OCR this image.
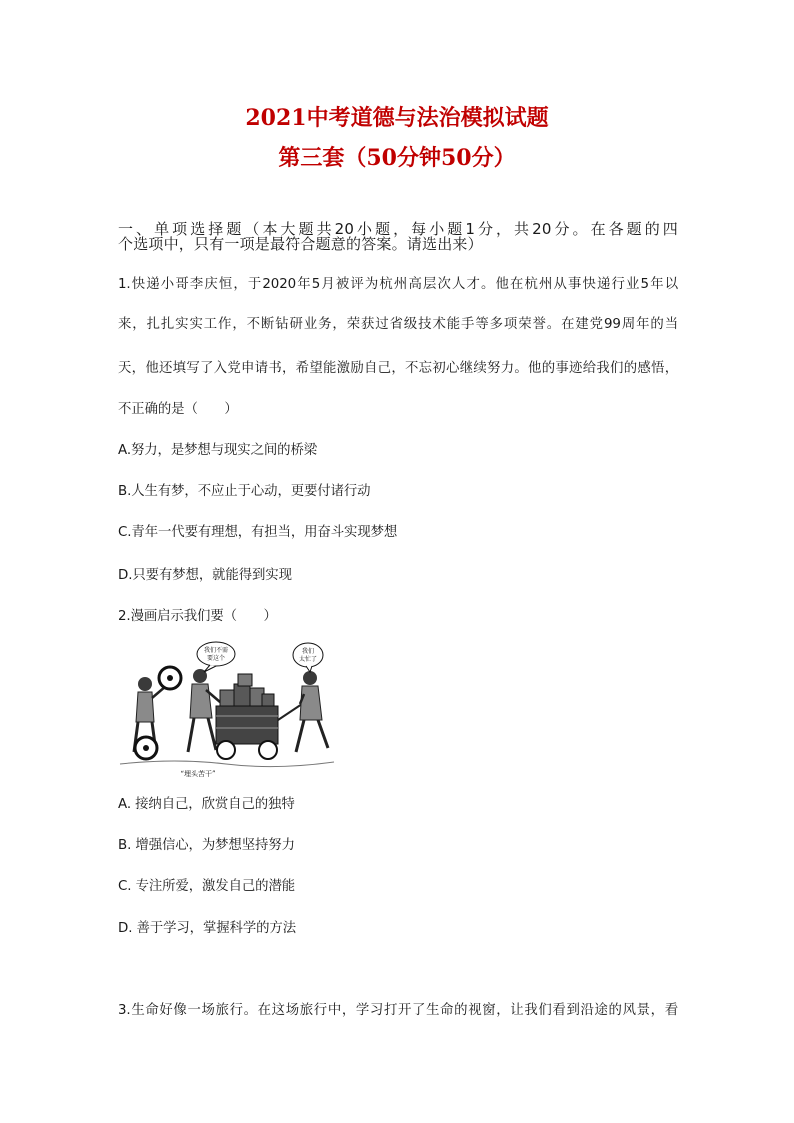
2021中考道德与法治模拟试题
第三套（50分钟50分）
一、单项选择题（本大题共20小题，每小题1分，共20分。在各题的四
个选项中，只有一项是最符合题意的答案。请选出来）
1.快递小哥李庆恒，于2020年5月被评为杭州高层次人才。他在杭州从事快递行业5年以
来，扎扎实实工作，不断钻研业务，荣获过省级技术能手等多项荣誉。在建党99周年的当
天，他还填写了入党申请书，希望能激励自己，不忘初心继续努力。他的事迹给我们的感悟，
不正确的是（　　）
A.努力，是梦想与现实之间的桥梁
B.人生有梦，不应止于心动，更要付诸行动
C.青年一代要有理想，有担当，用奋斗实现梦想
D.只要有梦想，就能得到实现
2.漫画启示我们要（　　）
我们不需
要这个
我们
太忙了
“埋头苦干”
A. 接纳自己，欣赏自己的独特
B. 增强信心，为梦想坚持努力
C. 专注所爱，激发自己的潜能
D. 善于学习，掌握科学的方法
3.生命好像一场旅行。在这场旅行中，学习打开了生命的视窗，让我们看到沿途的风景，看
